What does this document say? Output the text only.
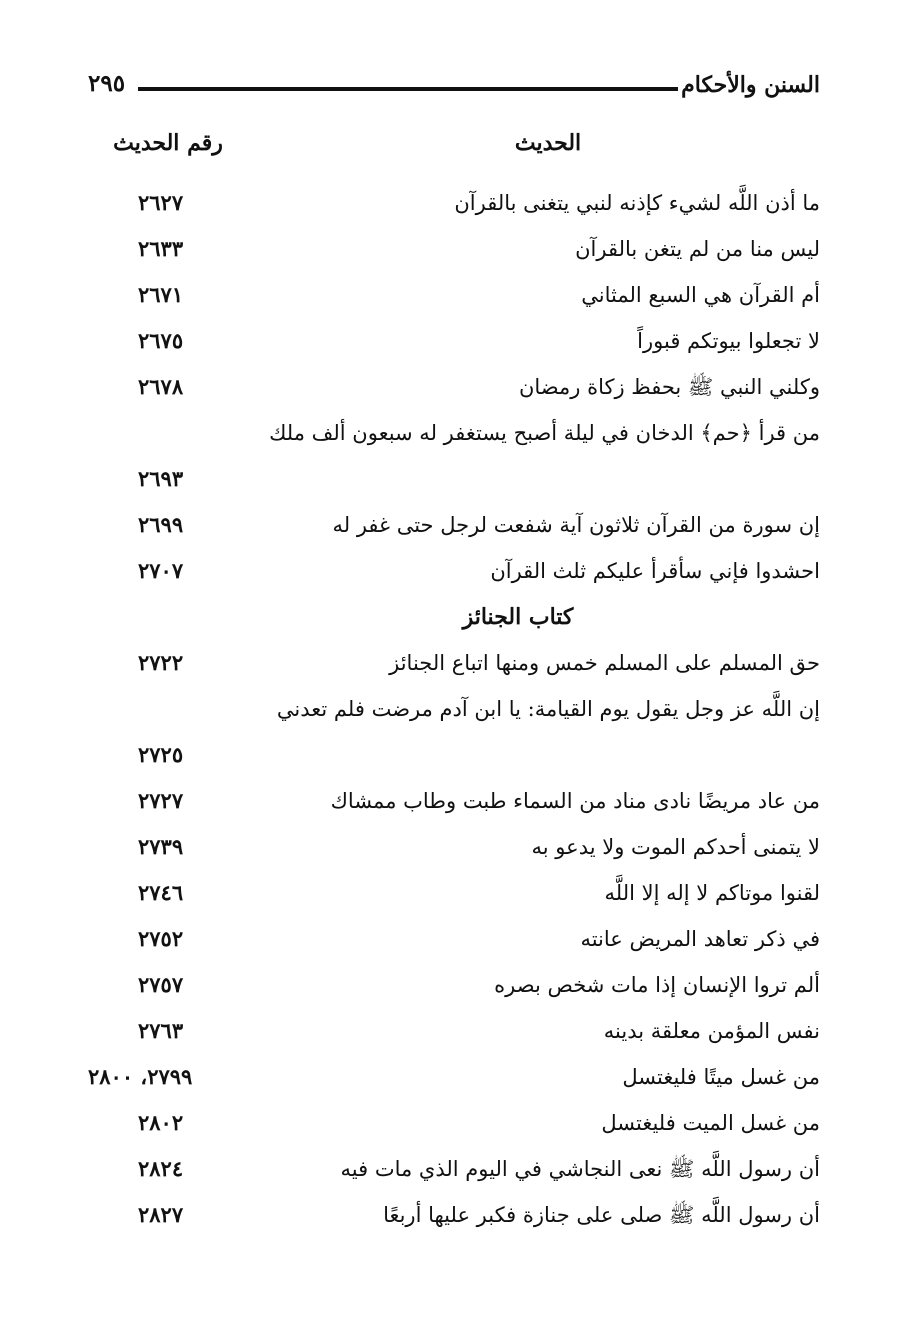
السنن والأحكام
٢٩٥
الحديث
رقم الحديث
ما أذن اللَّه لشيء كإذنه لنبي يتغنى بالقرآن
٢٦٢٧
ليس منا من لم يتغن بالقرآن
٢٦٣٣
أم القرآن هي السبع المثاني
٢٦٧١
لا تجعلوا بيوتكم قبوراً
٢٦٧٥
وكلني النبي ﷺ بحفظ زكاة رمضان
٢٦٧٨
من قرأ ﴿حم﴾ الدخان في ليلة أصبح يستغفر له سبعون ألف ملك
٢٦٩٣
إن سورة من القرآن ثلاثون آية شفعت لرجل حتى غفر له
٢٦٩٩
احشدوا فإني سأقرأ عليكم ثلث القرآن
٢٧٠٧
كتاب الجنائز
حق المسلم على المسلم خمس ومنها اتباع الجنائز
٢٧٢٢
إن اللَّه عز وجل يقول يوم القيامة: يا ابن آدم مرضت فلم تعدني
٢٧٢٥
من عاد مريضًا نادى مناد من السماء طبت وطاب ممشاك
٢٧٢٧
لا يتمنى أحدكم الموت ولا يدعو به
٢٧٣٩
لقنوا موتاكم لا إله إلا اللَّه
٢٧٤٦
في ذكر تعاهد المريض عانته
٢٧٥٢
ألم تروا الإنسان إذا مات شخص بصره
٢٧٥٧
نفس المؤمن معلقة بدينه
٢٧٦٣
من غسل ميتًا فليغتسل
٢٧٩٩، ٢٨٠٠
من غسل الميت فليغتسل
٢٨٠٢
أن رسول اللَّه ﷺ نعى النجاشي في اليوم الذي مات فيه
٢٨٢٤
أن رسول اللَّه ﷺ صلى على جنازة فكبر عليها أربعًا
٢٨٢٧
